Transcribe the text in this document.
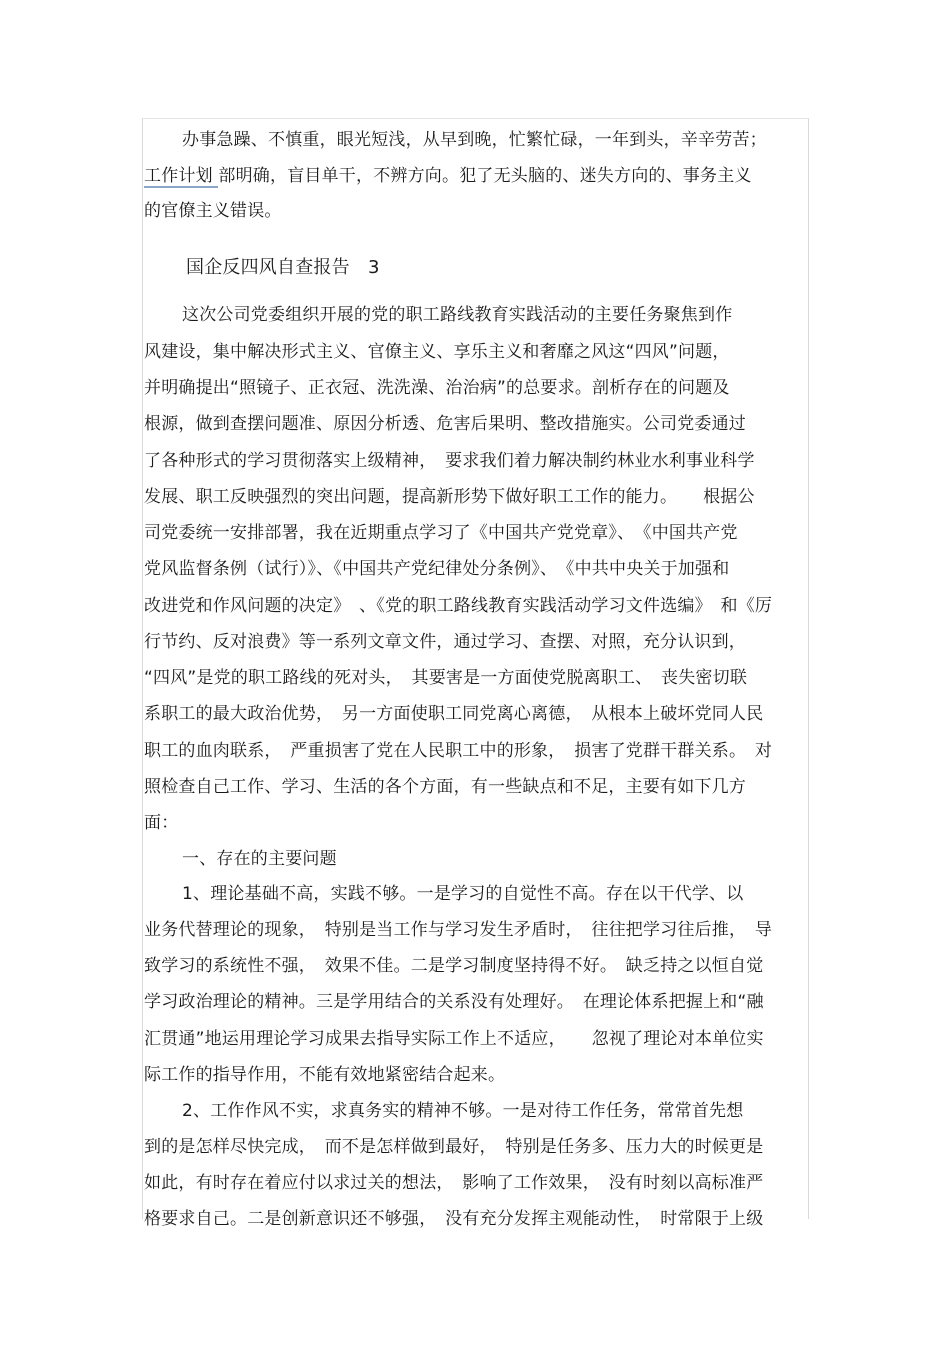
办事急躁、不慎重，眼光短浅，从早到晚，忙繁忙碌，一年到头，辛辛劳苦；
工作计划 部明确，盲目单干，不辨方向。犯了无头脑的、迷失方向的、事务主义
的官僚主义错误。
国企反四风自查报告　3
这次公司党委组织开展的党的职工路线教育实践活动的主要任务聚焦到作
风建设，集中解决形式主义、官僚主义、享乐主义和奢靡之风这“四风”问题，
并明确提出“照镜子、正衣冠、洗洗澡、治治病”的总要求。剖析存在的问题及
根源，做到查摆问题准、原因分析透、危害后果明、整改措施实。公司党委通过
了各种形式的学习贯彻落实上级精神，　要求我们着力解决制约林业水利事业科学
发展、职工反映强烈的突出问题，提高新形势下做好职工工作的能力。　　根据公
司党委统一安排部署，我在近期重点学习了《中国共产党党章》、　《中国共产党
党风监督条例（试行）》、《中国共产党纪律处分条例》、　《中共中央关于加强和
改进党和作风问题的决定》　、《党的职工路线教育实践活动学习文件选编》　和《厉
行节约、反对浪费》等一系列文章文件，通过学习、查摆、对照，充分认识到，
“四风”是党的职工路线的死对头，　其要害是一方面使党脱离职工、　丧失密切联
系职工的最大政治优势，　另一方面使职工同党离心离德，　从根本上破坏党同人民
职工的血肉联系，　严重损害了党在人民职工中的形象，　损害了党群干群关系。　对
照检查自己工作、学习、生活的各个方面，有一些缺点和不足，主要有如下几方
面：
一、存在的主要问题
1、理论基础不高，实践不够。一是学习的自觉性不高。存在以干代学、以
业务代替理论的现象，　特别是当工作与学习发生矛盾时，　往往把学习往后推，　导
致学习的系统性不强，　效果不佳。二是学习制度坚持得不好。　缺乏持之以恒自觉
学习政治理论的精神。三是学用结合的关系没有处理好。　在理论体系把握上和“融
汇贯通”地运用理论学习成果去指导实际工作上不适应，　　忽视了理论对本单位实
际工作的指导作用，不能有效地紧密结合起来。
2、工作作风不实，求真务实的精神不够。一是对待工作任务，常常首先想
到的是怎样尽快完成，　而不是怎样做到最好，　特别是任务多、压力大的时候更是
如此，有时存在着应付以求过关的想法，　影响了工作效果，　没有时刻以高标准严
格要求自己。二是创新意识还不够强，　没有充分发挥主观能动性，　时常限于上级
